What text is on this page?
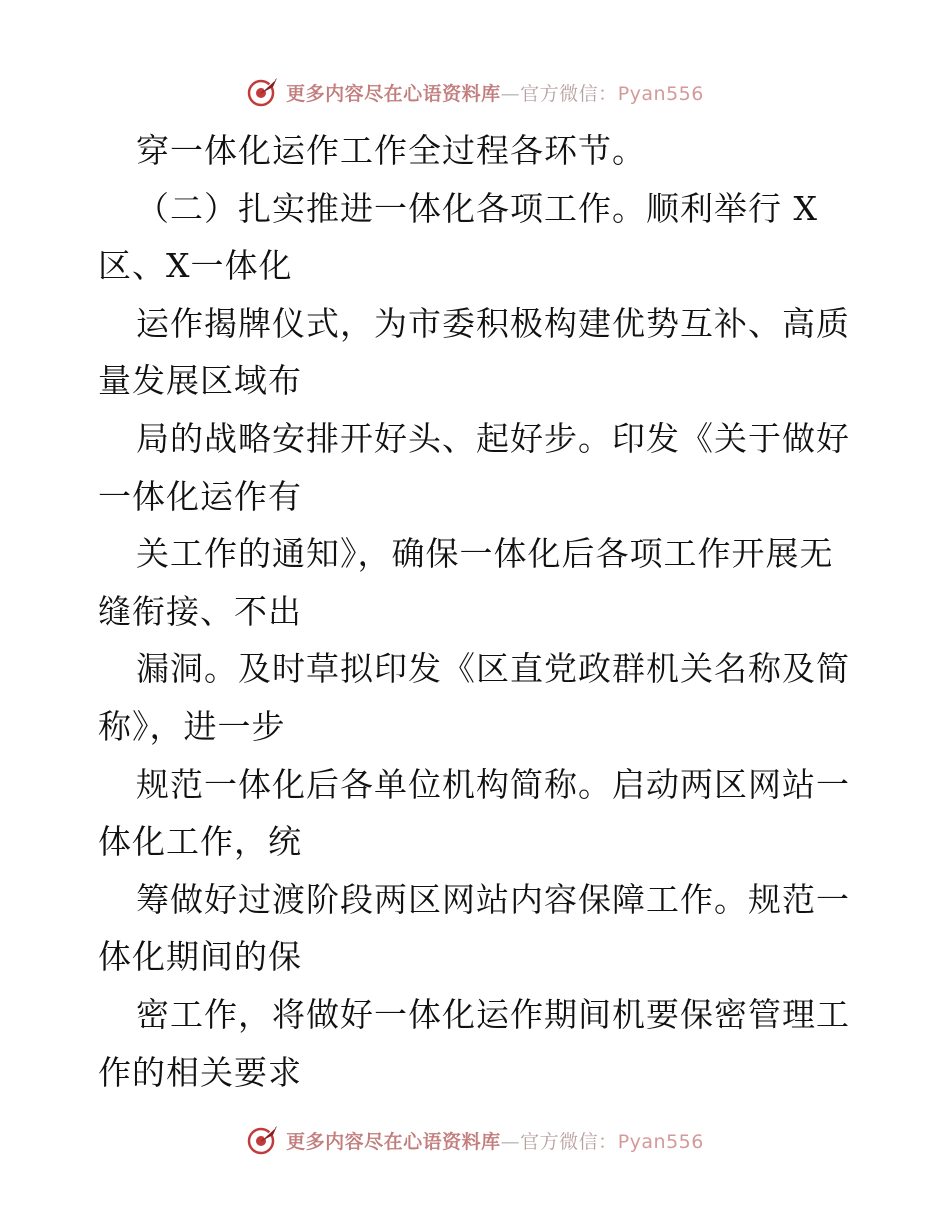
更多内容尽在心语资料库—官方微信：Pyan556
穿一体化运作工作全过程各环节。
（二）扎实推进一体化各项工作。顺利举行 X
区、X一体化
运作揭牌仪式，为市委积极构建优势互补、高质
量发展区域布
局的战略安排开好头、起好步。印发《关于做好
一体化运作有
关工作的通知》，确保一体化后各项工作开展无
缝衔接、不出
漏洞。及时草拟印发《区直党政群机关名称及简
称》，进一步
规范一体化后各单位机构简称。启动两区网站一
体化工作，统
筹做好过渡阶段两区网站内容保障工作。规范一
体化期间的保
密工作，将做好一体化运作期间机要保密管理工
作的相关要求
更多内容尽在心语资料库—官方微信：Pyan556
